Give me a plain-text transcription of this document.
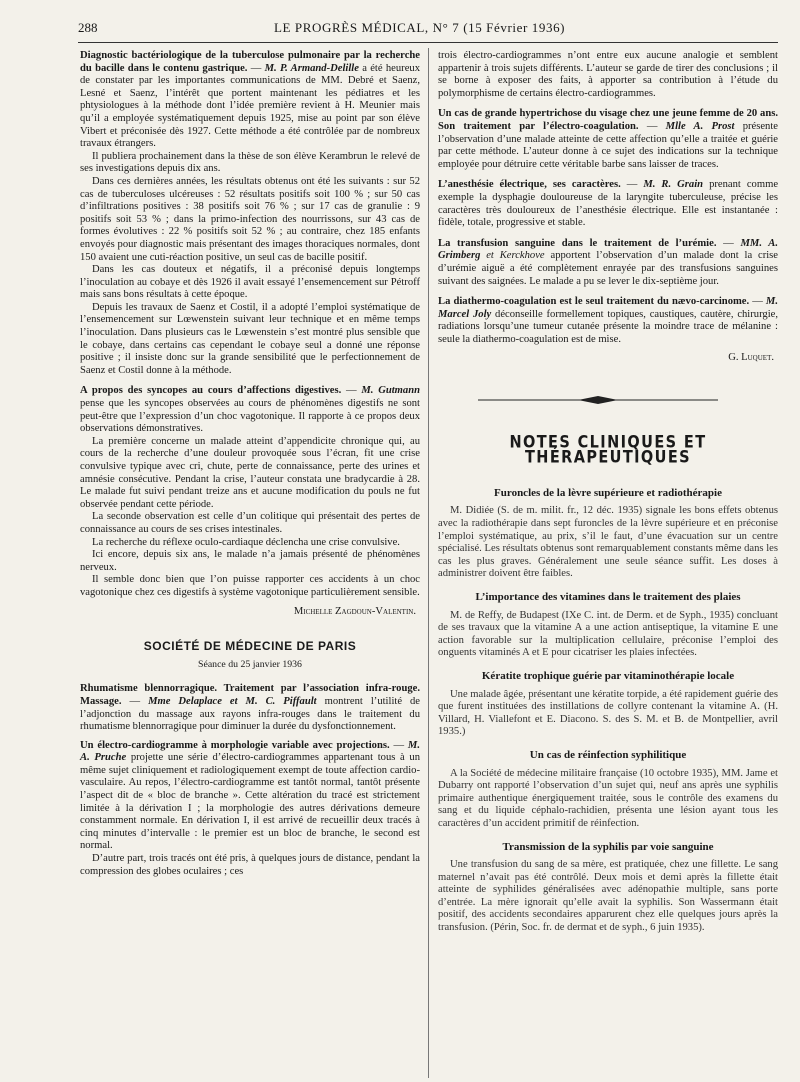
288	LE PROGRÈS MÉDICAL, N° 7 (15 Février 1936)

Diagnostic bactériologique de la tuberculose pulmonaire par la recherche du bacille dans le contenu gastrique. — M. P. Armand-Delille a été heureux de constater par les importantes communications de MM. Debré et Saenz, Lesné et Saenz, l’intérêt que portent maintenant les pédiatres et les phtysiologues à la méthode dont l’idée première revient à H. Meunier mais qu’il a employée systématiquement depuis 1925, mise au point par son élève Vibert et préconisée dès 1927. Cette méthode a été contrôlée par de nombreux travaux étrangers.

Il publiera prochainement dans la thèse de son élève Kerambrun le relevé de ses investigations depuis dix ans.

Dans ces dernières années, les résultats obtenus ont été les suivants : sur 52 cas de tuberculoses ulcéreuses : 52 résultats positifs soit 100 % ; sur 50 cas d’infiltrations positives : 38 positifs soit 76 % ; sur 17 cas de granulie : 9 positifs soit 53 % ; dans la primo-infection des nourrissons, sur 43 cas de formes évolutives : 22 % positifs soit 52 % ; au contraire, chez 185 enfants envoyés pour diagnostic mais présentant des images thoraciques normales, dont 150 avaient une cuti-réaction positive, un seul cas de bacille positif.

Dans les cas douteux et négatifs, il a préconisé depuis longtemps l’inoculation au cobaye et dès 1926 il avait essayé l’ensemencement sur Pétroff mais sans bons résultats à cette époque.

Depuis les travaux de Saenz et Costil, il a adopté l’emploi systématique de l’ensemencement sur Lœwenstein suivant leur technique et en même temps l’inoculation. Dans plusieurs cas le Lœwenstein s’est montré plus sensible que le cobaye, dans certains cas cependant le cobaye seul a donné une réponse positive ; il insiste donc sur la grande sensibilité que le perfectionnement de Saenz et Costil donne à la méthode.

A propos des syncopes au cours d’affections digestives. — M. Gutmann pense que les syncopes observées au cours de phénomènes digestifs ne sont peut-être que l’expression d’un choc vagotonique. Il rapporte à ce propos deux observations démonstratives.

La première concerne un malade atteint d’appendicite chronique qui, au cours de la recherche d’une douleur provoquée sous l’écran, fit une crise convulsive typique avec cri, chute, perte de connaissance, perte des urines et amnésie consécutive. Pendant la crise, l’auteur constata une bradycardie à 28. Le malade fut suivi pendant treize ans et aucune modification du pouls ne fut observée pendant cette période.

La seconde observation est celle d’un colitique qui présentait des pertes de connaissance au cours de ses crises intestinales.

La recherche du réflexe oculo-cardiaque déclencha une crise convulsive.

Ici encore, depuis six ans, le malade n’a jamais présenté de phénomènes nerveux.

Il semble donc bien que l’on puisse rapporter ces accidents à un choc vagotonique chez ces digestifs à système vagotonique particulièrement sensible.

Michelle Zagdoun-Valentin.
SOCIÉTÉ DE MÉDECINE DE PARIS
Séance du 25 janvier 1936

Rhumatisme blennorragique. Traitement par l’association infra-rouge. Massage. — Mme Delaplace et M. C. Piffault montrent l’utilité de l’adjonction du massage aux rayons infra-rouges dans le traitement du rhumatisme blennorragique pour diminuer la durée du dysfonctionnement.

Un électro-cardiogramme à morphologie variable avec projections. — M. A. Pruche projette une série d’électro-cardiogrammes appartenant tous à un même sujet cliniquement et radiologiquement exempt de toute affection cardio-vasculaire. Au repos, l’électro-cardiogramme est tantôt normal, tantôt présente l’aspect dit de « bloc de branche ». Cette altération du tracé est strictement limitée à la dérivation I ; la morphologie des autres dérivations demeure constamment normale. En dérivation I, il est arrivé de recueillir deux tracés à cinq minutes d’intervalle : le premier est un bloc de branche, le second est normal.

D’autre part, trois tracés ont été pris, à quelques jours de distance, pendant la compression des globes oculaires ; ces

trois électro-cardiogrammes n’ont entre eux aucune analogie et semblent appartenir à trois sujets différents. L’auteur se garde de tirer des conclusions ; il se borne à exposer des faits, à apporter sa contribution à l’étude du polymorphisme de certains électro-cardiogrammes.

Un cas de grande hypertrichose du visage chez une jeune femme de 20 ans. Son traitement par l’électro-coagulation. — Mlle A. Prost présente l’observation d’une malade atteinte de cette affection qu’elle a traitée et guérie par cette méthode. L’auteur donne à ce sujet des indications sur la technique employée pour détruire cette véritable barbe sans laisser de traces.

L’anesthésie électrique, ses caractères. — M. R. Grain prenant comme exemple la dysphagie douloureuse de la laryngite tuberculeuse, précise les caractères très douloureux de l’anesthésie électrique. Elle est instantanée : fidèle, totale, progressive et stable.

La transfusion sanguine dans le traitement de l’urémie. — MM. A. Grimberg et Kerckhove apportent l’observation d’un malade dont la crise d’urémie aiguë a été complètement enrayée par des transfusions sanguines suivant des saignées. Le malade a pu se lever le dix-septième jour.

La diathermo-coagulation est le seul traitement du nævo-carcinome. — M. Marcel Joly déconseille formellement topiques, caustiques, cautère, chirurgie, radiations lorsqu’une tumeur cutanée présente la moindre trace de mélanine : seule la diathermo-coagulation est de mise.

G. Luquet.
NOTES CLINIQUES ET THÉRAPEUTIQUES
Furoncles de la lèvre supérieure et radiothérapie

M. Didiée (S. de m. milit. fr., 12 déc. 1935) signale les bons effets obtenus avec la radiothérapie dans sept furoncles de la lèvre supérieure et en préconise l’emploi systématique, au prix, s’il le faut, d’une évacuation sur un centre spécialisé. Les résultats obtenus sont remarquablement constants même dans les cas les plus graves. Généralement une seule séance suffit. Les doses à administrer doivent être faibles.

L’importance des vitamines dans le traitement des plaies

M. de Reffy, de Budapest (IXe C. int. de Derm. et de Syph., 1935) concluant de ses travaux que la vitamine A a une action antiseptique, la vitamine E une action favorable sur la multiplication cellulaire, préconise l’emploi des onguents vitaminés A et E pour cicatriser les plaies infectées.

Kératite trophique guérie par vitaminothérapie locale

Une malade âgée, présentant une kératite torpide, a été rapidement guérie des que furent instituées des instillations de collyre contenant la vitamine A. (H. Villard, H. Viallefont et E. Diacono. S. des S. M. et B. de Montpellier, avril 1935.)

Un cas de réinfection syphilitique

A la Société de médecine militaire française (10 octobre 1935), MM. Jame et Dubarry ont rapporté l’observation d’un sujet qui, neuf ans après une syphilis primaire authentique énergiquement traitée, sous le contrôle des examens du sang et du liquide céphalo-rachidien, présenta une lésion ayant tous les caractères d’un accident primitif de réinfection.

Transmission de la syphilis par voie sanguine

Une transfusion du sang de sa mère, est pratiquée, chez une fillette. Le sang maternel n’avait pas été contrôlé. Deux mois et demi après la fillette était atteinte de syphilides généralisées avec adénopathie multiple, sans porte d’entrée. La mère ignorait qu’elle avait la syphilis. Son Wassermann était positif, des accidents secondaires apparurent chez elle quelques jours après la transfusion. (Périn, Soc. fr. de dermat et de syph., 6 juin 1935).
